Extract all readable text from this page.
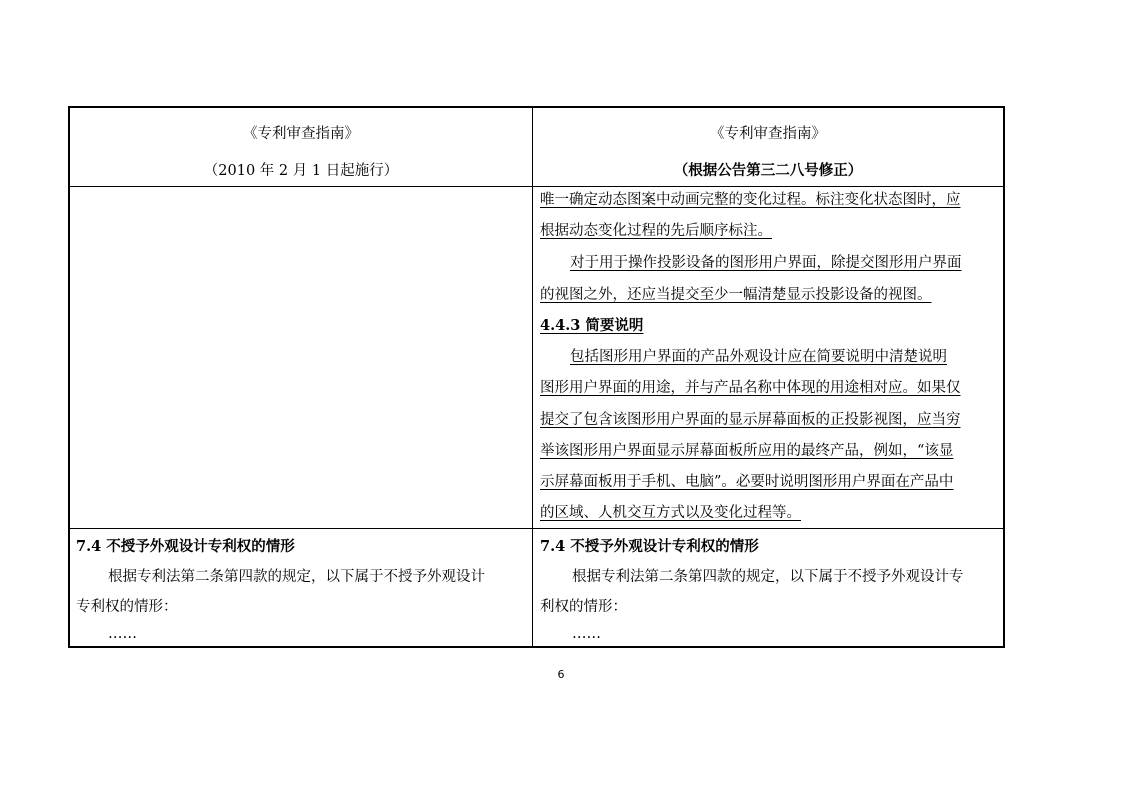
《专利审查指南》
（2010 年 2 月 1 日起施行）
《专利审查指南》
（根据公告第三二八号修正）
唯一确定动态图案中动画完整的变化过程。标注变化状态图时，应
根据动态变化过程的先后顺序标注。
对于用于操作投影设备的图形用户界面，除提交图形用户界面
的视图之外，还应当提交至少一幅清楚显示投影设备的视图。
4.4.3 简要说明
包括图形用户界面的产品外观设计应在简要说明中清楚说明
图形用户界面的用途，并与产品名称中体现的用途相对应。如果仅
提交了包含该图形用户界面的显示屏幕面板的正投影视图，应当穷
举该图形用户界面显示屏幕面板所应用的最终产品，例如，“该显
示屏幕面板用于手机、电脑”。必要时说明图形用户界面在产品中
的区域、人机交互方式以及变化过程等。
7.4 不授予外观设计专利权的情形
根据专利法第二条第四款的规定，以下属于不授予外观设计
专利权的情形：
……
7.4 不授予外观设计专利权的情形
根据专利法第二条第四款的规定，以下属于不授予外观设计专
利权的情形：
……
6
